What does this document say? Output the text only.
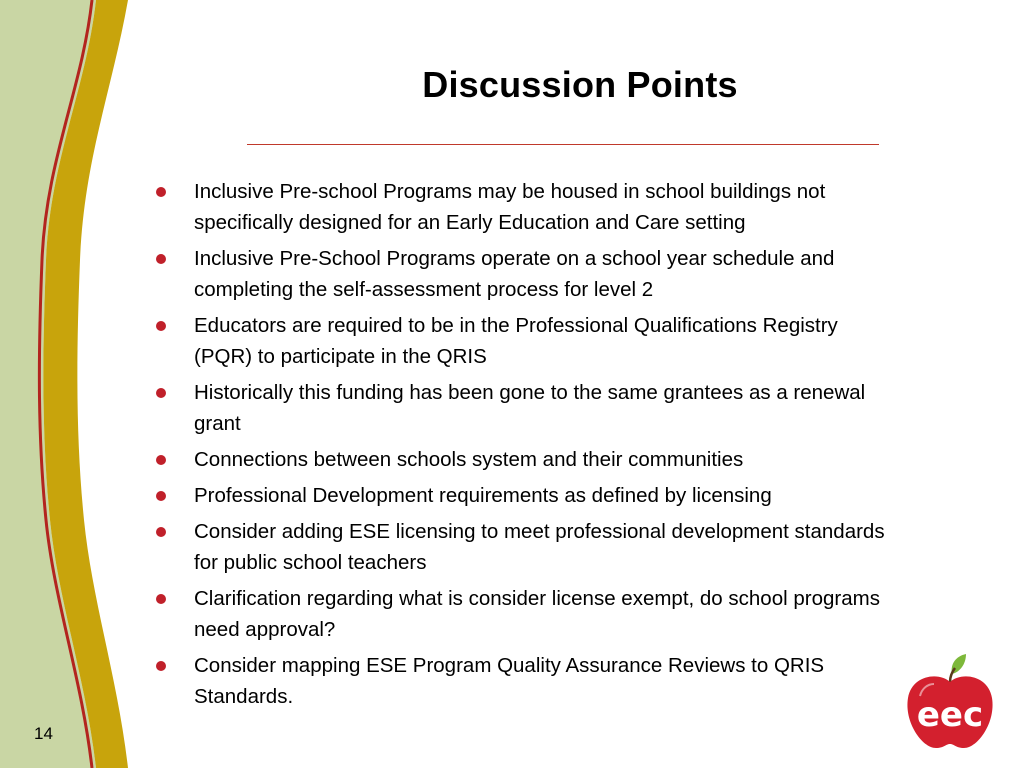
Discussion Points
Inclusive Pre-school Programs may be housed in school buildings not specifically designed for an Early Education and Care setting
Inclusive Pre-School Programs operate on a school year schedule and completing the self-assessment process for level 2
Educators are required to be in the Professional Qualifications Registry (PQR) to participate in the QRIS
Historically this funding has been gone to the same grantees as a renewal grant
Connections between schools system and their communities
Professional Development requirements as defined by licensing
Consider adding ESE licensing to meet professional development standards for public school teachers
Clarification regarding what is consider license exempt, do school programs need approval?
Consider mapping ESE Program Quality Assurance Reviews to QRIS Standards.
14	eec
